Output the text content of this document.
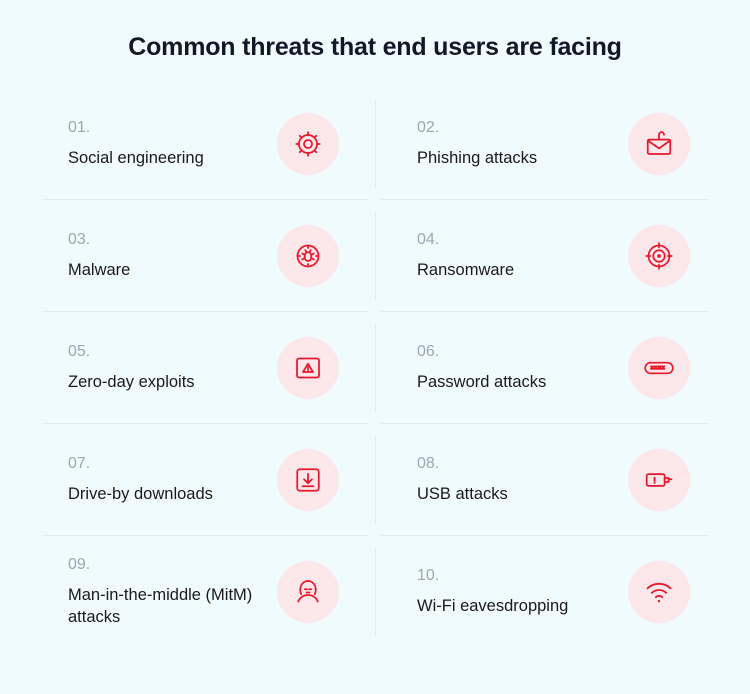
Common threats that end users are facing
01.
Social engineering
02.
Phishing attacks
03.
Malware
04.
Ransomware
05.
Zero-day exploits
06.
Password attacks
07.
Drive-by downloads
08.
USB attacks
09.
Man-in-the-middle (MitM) attacks
10.
Wi-Fi eavesdropping
